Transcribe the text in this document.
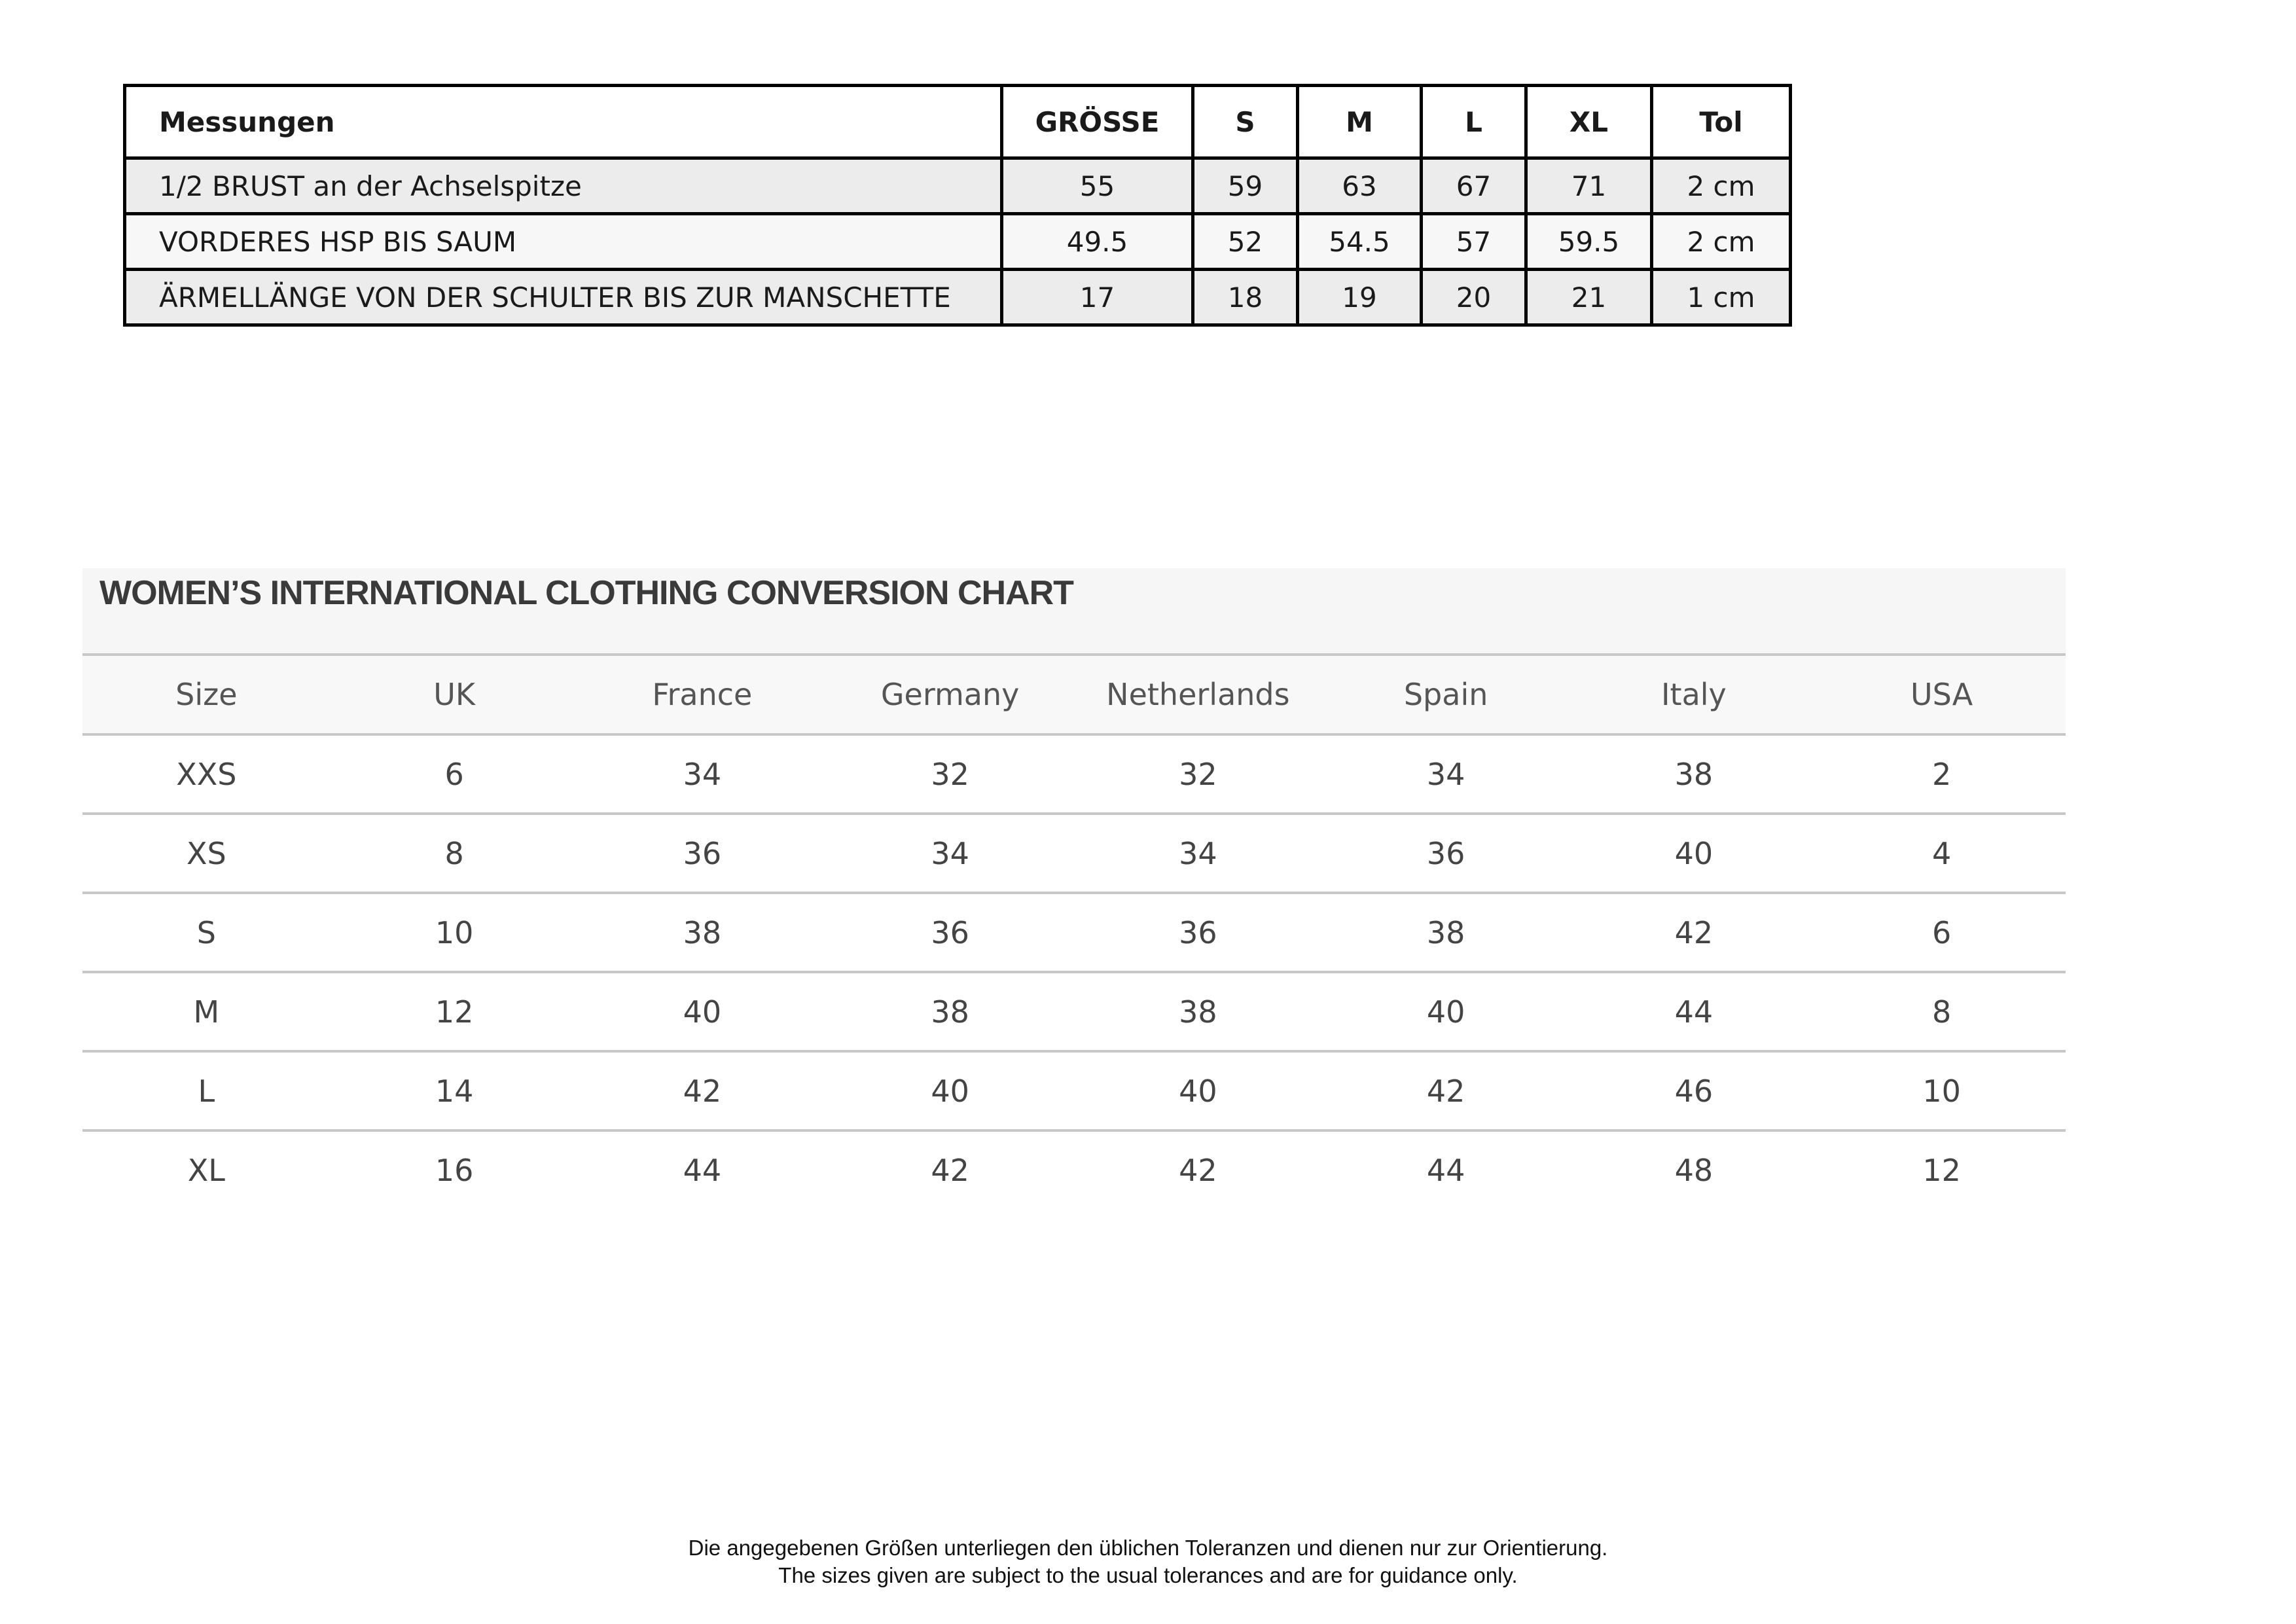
Messungen	GRÖSSE	S	M	L	XL	Tol
1/2 BRUST an der Achselspitze	55	59	63	67	71	2 cm
VORDERES HSP BIS SAUM	49.5	52	54.5	57	59.5	2 cm
ÄRMELLÄNGE VON DER SCHULTER BIS ZUR MANSCHETTE	17	18	19	20	21	1 cm
WOMEN’S INTERNATIONAL CLOTHING CONVERSION CHART
Size	UK	France	Germany	Netherlands	Spain	Italy	USA
XXS	6	34	32	32	34	38	2
XS	8	36	34	34	36	40	4
S	10	38	36	36	38	42	6
M	12	40	38	38	40	44	8
L	14	42	40	40	42	46	10
XL	16	44	42	42	44	48	12
Die angegebenen Größen unterliegen den üblichen Toleranzen und dienen nur zur Orientierung.
The sizes given are subject to the usual tolerances and are for guidance only.
